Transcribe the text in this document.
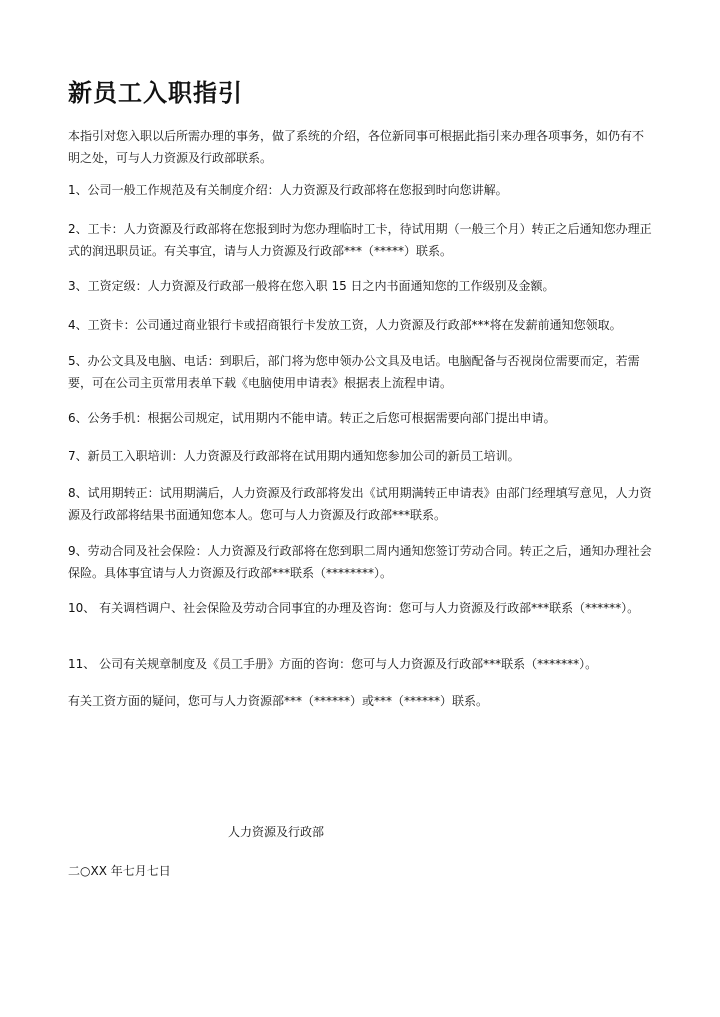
新员工入职指引

本指引对您入职以后所需办理的事务，做了系统的介绍，各位新同事可根据此指引来办理各项事务，如仍有不明之处，可与人力资源及行政部联系。

1、公司一般工作规范及有关制度介绍：人力资源及行政部将在您报到时向您讲解。

2、工卡：人力资源及行政部将在您报到时为您办理临时工卡，待试用期（一般三个月）转正之后通知您办理正式的润迅职员证。有关事宜，请与人力资源及行政部***（*****）联系。

3、工资定级：人力资源及行政部一般将在您入职 15 日之内书面通知您的工作级别及金额。

4、工资卡：公司通过商业银行卡或招商银行卡发放工资，人力资源及行政部***将在发薪前通知您领取。

5、办公文具及电脑、电话：到职后，部门将为您申领办公文具及电话。电脑配备与否视岗位需要而定，若需要，可在公司主页常用表单下载《电脑使用申请表》根据表上流程申请。

6、公务手机：根据公司规定，试用期内不能申请。转正之后您可根据需要向部门提出申请。

7、新员工入职培训：人力资源及行政部将在试用期内通知您参加公司的新员工培训。

8、试用期转正：试用期满后，人力资源及行政部将发出《试用期满转正申请表》由部门经理填写意见，人力资源及行政部将结果书面通知您本人。您可与人力资源及行政部***联系。

9、劳动合同及社会保险：人力资源及行政部将在您到职二周内通知您签订劳动合同。转正之后，通知办理社会保险。具体事宜请与人力资源及行政部***联系（********）。

10、 有关调档调户、社会保险及劳动合同事宜的办理及咨询：您可与人力资源及行政部***联系（******）。

11、 公司有关规章制度及《员工手册》方面的咨询：您可与人力资源及行政部***联系（*******）。

有关工资方面的疑问，您可与人力资源部***（******）或***（******）联系。

人力资源及行政部
二○XX 年七月七日
